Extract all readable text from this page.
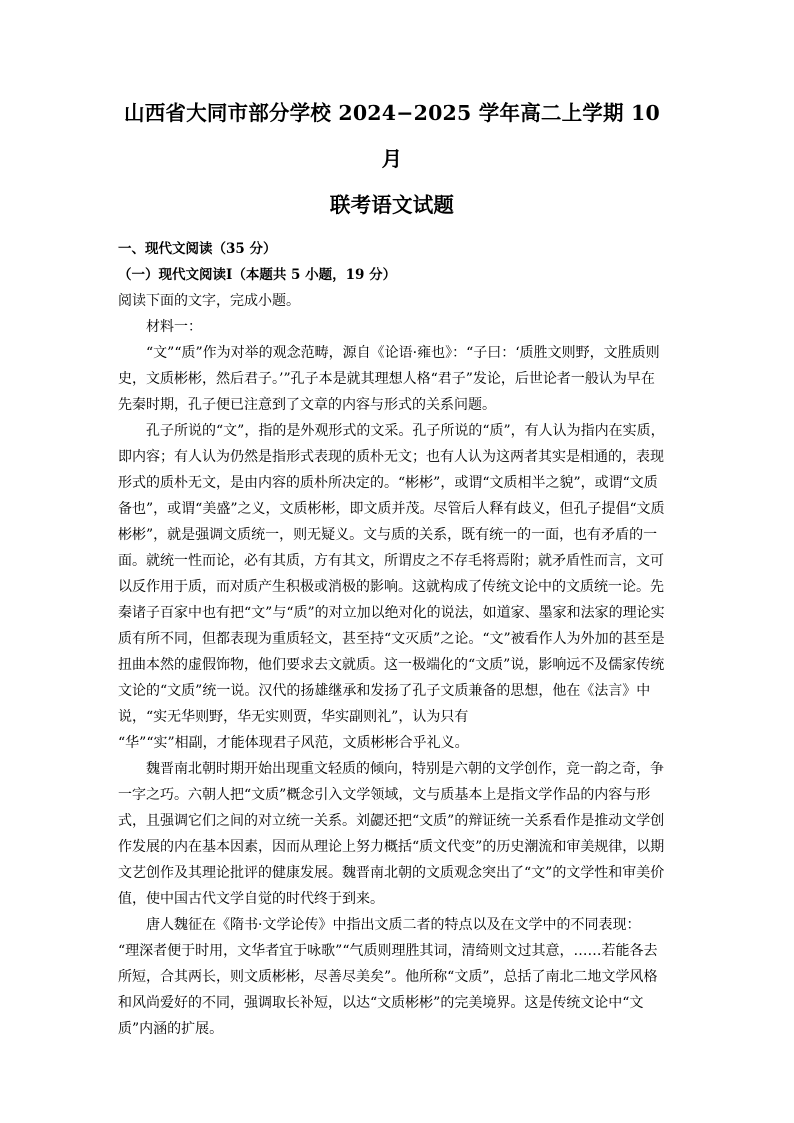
山西省大同市部分学校 2024−2025 学年高二上学期 10 月
联考语文试题

一、现代文阅读（35 分）

（一）现代文阅读Ⅰ（本题共 5 小题，19 分）

阅读下面的文字，完成小题。

材料一：

“文”“质”作为对举的观念范畴，源自《论语·雍也》：“子曰：‘质胜文则野，文胜质则史，文质彬彬，然后君子。’”孔子本是就其理想人格“君子”发论，后世论者一般认为早在先秦时期，孔子便已注意到了文章的内容与形式的关系问题。

孔子所说的“文”，指的是外观形式的文采。孔子所说的“质”，有人认为指内在实质，即内容；有人认为仍然是指形式表现的质朴无文；也有人认为这两者其实是相通的，表现形式的质朴无文，是由内容的质朴所决定的。“彬彬”，或谓“文质相半之貌”，或谓“文质备也”，或谓“美盛”之义，文质彬彬，即文质并茂。尽管后人释有歧义，但孔子提倡“文质彬彬”，就是强调文质统一，则无疑义。文与质的关系，既有统一的一面，也有矛盾的一面。就统一性而论，必有其质，方有其文，所谓皮之不存毛将焉附；就矛盾性而言，文可以反作用于质，而对质产生积极或消极的影响。这就构成了传统文论中的文质统一论。先秦诸子百家中也有把“文”与“质”的对立加以绝对化的说法，如道家、墨家和法家的理论实质有所不同，但都表现为重质轻文，甚至持“文灭质”之论。“文”被看作人为外加的甚至是扭曲本然的虚假饰物，他们要求去文就质。这一极端化的“文质”说，影响远不及儒家传统文论的“文质”统一说。汉代的扬雄继承和发扬了孔子文质兼备的思想，他在《法言》中说，“实无华则野，华无实则贾，华实副则礼”，认为只有

“华”“实”相副，才能体现君子风范，文质彬彬合乎礼义。

魏晋南北朝时期开始出现重文轻质的倾向，特别是六朝的文学创作，竞一韵之奇，争一字之巧。六朝人把“文质”概念引入文学领域，文与质基本上是指文学作品的内容与形式，且强调它们之间的对立统一关系。刘勰还把“文质”的辩证统一关系看作是推动文学创作发展的内在基本因素，因而从理论上努力概括“质文代变”的历史潮流和审美规律，以期文艺创作及其理论批评的健康发展。魏晋南北朝的文质观念突出了“文”的文学性和审美价值，使中国古代文学自觉的时代终于到来。

唐人魏征在《隋书·文学论传》中指出文质二者的特点以及在文学中的不同表现：

“理深者便于时用，文华者宜于咏歌”“气质则理胜其词，清绮则文过其意，……若能各去所短，合其两长，则文质彬彬，尽善尽美矣”。他所称“文质”，总括了南北二地文学风格和风尚爱好的不同，强调取长补短，以达“文质彬彬”的完美境界。这是传统文论中“文质”内涵的扩展。
